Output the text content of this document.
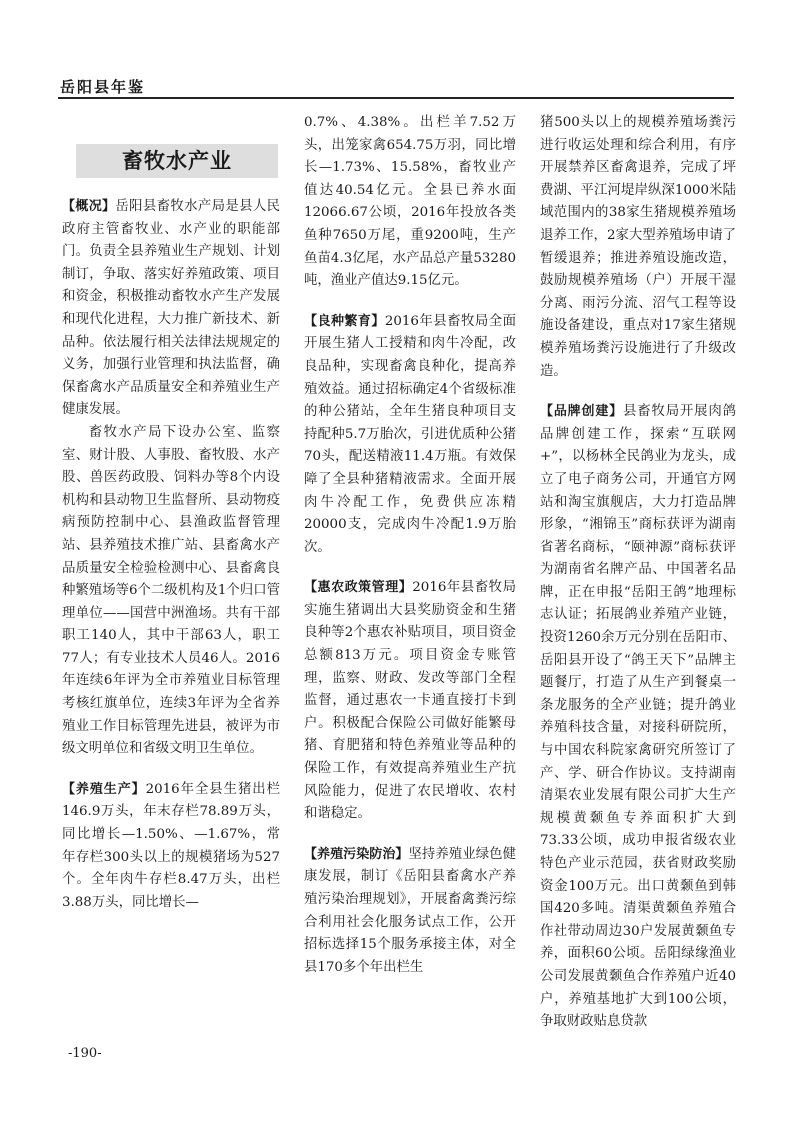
岳阳县年鉴
畜牧水产业

【概况】岳阳县畜牧水产局是县人民政府主管畜牧业、水产业的职能部门。负责全县养殖业生产规划、计划制订，争取、落实好养殖政策、项目和资金，积极推动畜牧水产生产发展和现代化进程，大力推广新技术、新品种。依法履行相关法律法规规定的义务，加强行业管理和执法监督，确保畜禽水产品质量安全和养殖业生产健康发展。

畜牧水产局下设办公室、监察室、财计股、人事股、畜牧股、水产股、兽医药政股、饲料办等8个内设机构和县动物卫生监督所、县动物疫病预防控制中心、县渔政监督管理站、县养殖技术推广站、县畜禽水产品质量安全检验检测中心、县畜禽良种繁殖场等6个二级机构及1个归口管理单位——国营中洲渔场。共有干部职工140人，其中干部63人，职工77人；有专业技术人员46人。2016年连续6年评为全市养殖业目标管理考核红旗单位，连续3年评为全省养殖业工作目标管理先进县，被评为市级文明单位和省级文明卫生单位。

【养殖生产】2016年全县生猪出栏146.9万头，年末存栏78.89万头，同比增长—1.50%、—1.67%，常年存栏300头以上的规模猪场为527个。全年肉牛存栏8.47万头，出栏3.88万头，同比增长—

0.7%、4.38%。出栏羊7.52万头，出笼家禽654.75万羽，同比增长—1.73%、15.58%，畜牧业产值达40.54亿元。全县已养水面12066.67公顷，2016年投放各类鱼种7650万尾，重9200吨，生产鱼苗4.3亿尾，水产品总产量53280吨，渔业产值达9.15亿元。

【良种繁育】2016年县畜牧局全面开展生猪人工授精和肉牛冷配，改良品种，实现畜禽良种化，提高养殖效益。通过招标确定4个省级标准的种公猪站，全年生猪良种项目支持配种5.7万胎次，引进优质种公猪70头，配送精液11.4万瓶。有效保障了全县种猪精液需求。全面开展肉牛冷配工作，免费供应冻精20000支，完成肉牛冷配1.9万胎次。

【惠农政策管理】2016年县畜牧局实施生猪调出大县奖励资金和生猪良种等2个惠农补贴项目，项目资金总额813万元。项目资金专账管理，监察、财政、发改等部门全程监督，通过惠农一卡通直接打卡到户。积极配合保险公司做好能繁母猪、育肥猪和特色养殖业等品种的保险工作，有效提高养殖业生产抗风险能力，促进了农民增收、农村和谐稳定。

【养殖污染防治】坚持养殖业绿色健康发展，制订《岳阳县畜禽水产养殖污染治理规划》，开展畜禽粪污综合利用社会化服务试点工作，公开招标选择15个服务承接主体，对全县170多个年出栏生

猪500头以上的规模养殖场粪污进行收运处理和综合利用，有序开展禁养区畜禽退养，完成了坪费湖、平江河堤岸纵深1000米陆域范围内的38家生猪规模养殖场退养工作，2家大型养殖场申请了暂缓退养；推进养殖设施改造，鼓励规模养殖场（户）开展干湿分离、雨污分流、沼气工程等设施设备建设，重点对17家生猪规模养殖场粪污设施进行了升级改造。

【品牌创建】县畜牧局开展肉鸽品牌创建工作，探索“互联网+”，以杨林全民鸽业为龙头，成立了电子商务公司，开通官方网站和淘宝旗舰店，大力打造品牌形象，“湘锦玉”商标获评为湖南省著名商标，“颐神源”商标获评为湖南省名牌产品、中国著名品牌，正在申报“岳阳王鸽”地理标志认证；拓展鸽业养殖产业链，投资1260余万元分别在岳阳市、岳阳县开设了“鸽王天下”品牌主题餐厅，打造了从生产到餐桌一条龙服务的全产业链；提升鸽业养殖科技含量，对接科研院所，与中国农科院家禽研究所签订了产、学、研合作协议。支持湖南清渠农业发展有限公司扩大生产规模黄颡鱼专养面积扩大到73.33公顷，成功申报省级农业特色产业示范园，获省财政奖励资金100万元。出口黄颡鱼到韩国420多吨。清渠黄颡鱼养殖合作社带动周边30户发展黄颡鱼专养，面积60公顷。岳阳绿缘渔业公司发展黄颡鱼合作养殖户近40户，养殖基地扩大到100公顷，争取财政贴息贷款

-190-
